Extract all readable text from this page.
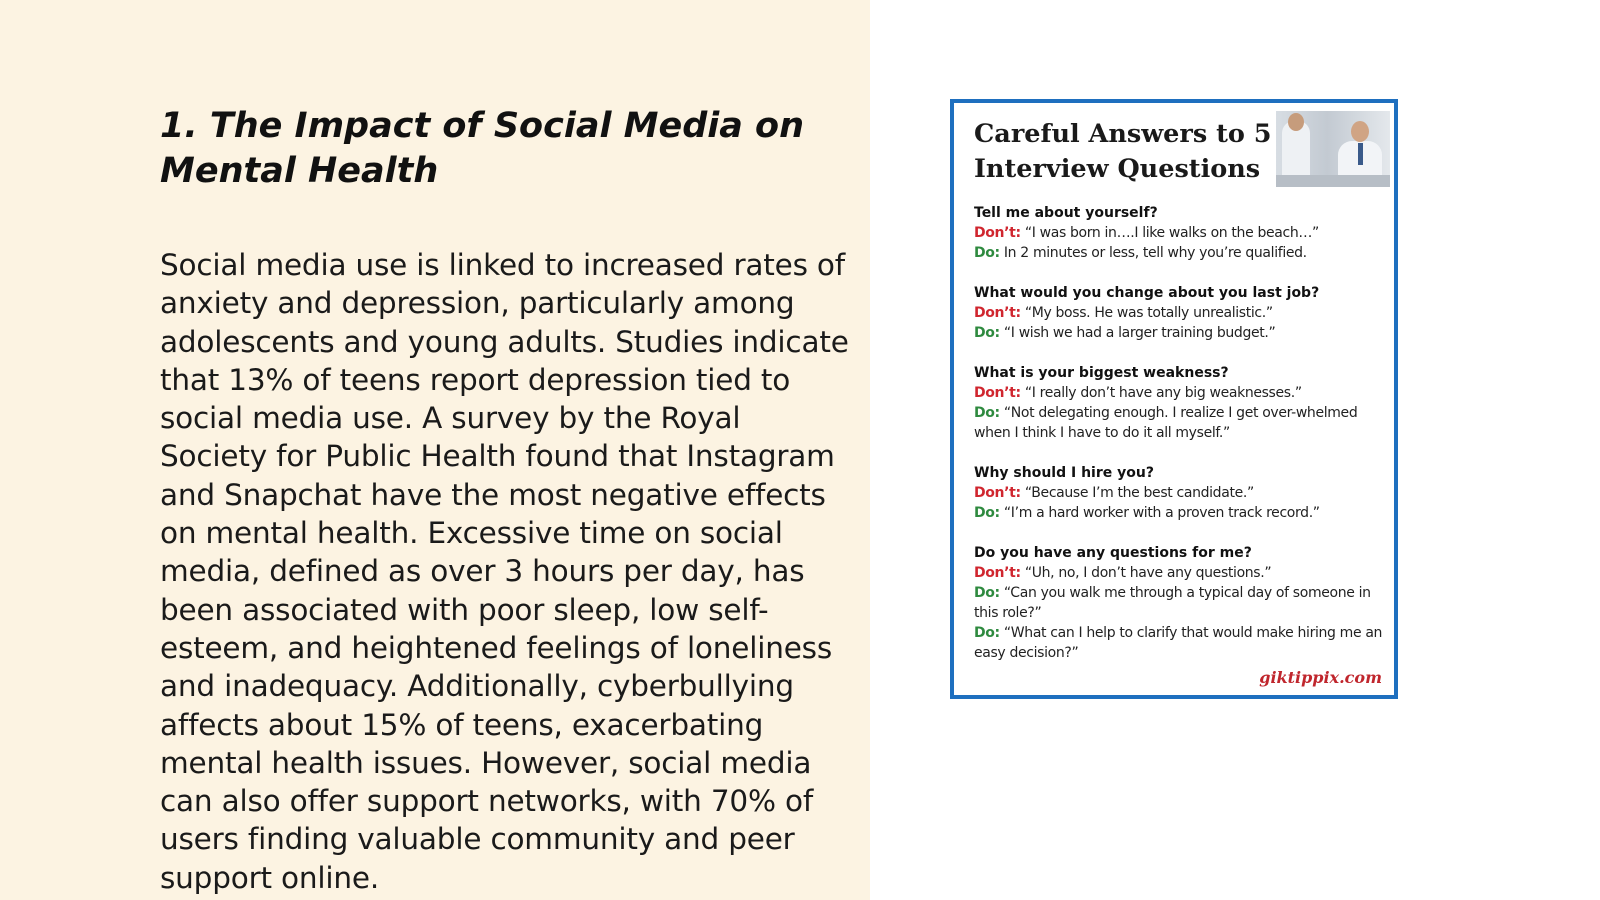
1. The Impact of Social Media on Mental Health

Social media use is linked to increased rates of anxiety and depression, particularly among adolescents and young adults. Studies indicate that 13% of teens report depression tied to social media use. A survey by the Royal Society for Public Health found that Instagram and Snapchat have the most negative effects on mental health. Excessive time on social media, defined as over 3 hours per day, has been associated with poor sleep, low self-esteem, and heightened feelings of loneliness and inadequacy. Additionally, cyberbullying affects about 15% of teens, exacerbating mental health issues. However, social media can also offer support networks, with 70% of users finding valuable community and peer support online.

Careful Answers to 5 Interview Questions
Tell me about yourself?
Don’t: “I was born in….I like walks on the beach…”
Do: In 2 minutes or less, tell why you’re qualified.
What would you change about you last job?
Don’t: “My boss. He was totally unrealistic.”
Do: “I wish we had a larger training budget.”
What is your biggest weakness?
Don’t: “I really don’t have any big weaknesses.”
Do: “Not delegating enough. I realize I get over-whelmed when I think I have to do it all myself.”
Why should I hire you?
Don’t: “Because I’m the best candidate.”
Do: “I’m a hard worker with a proven track record.”
Do you have any questions for me?
Don’t: “Uh, no, I don’t have any questions.”
Do: “Can you walk me through a typical day of someone in this role?”
Do: “What can I help to clarify that would make hiring me an easy decision?”
giktippix.com
